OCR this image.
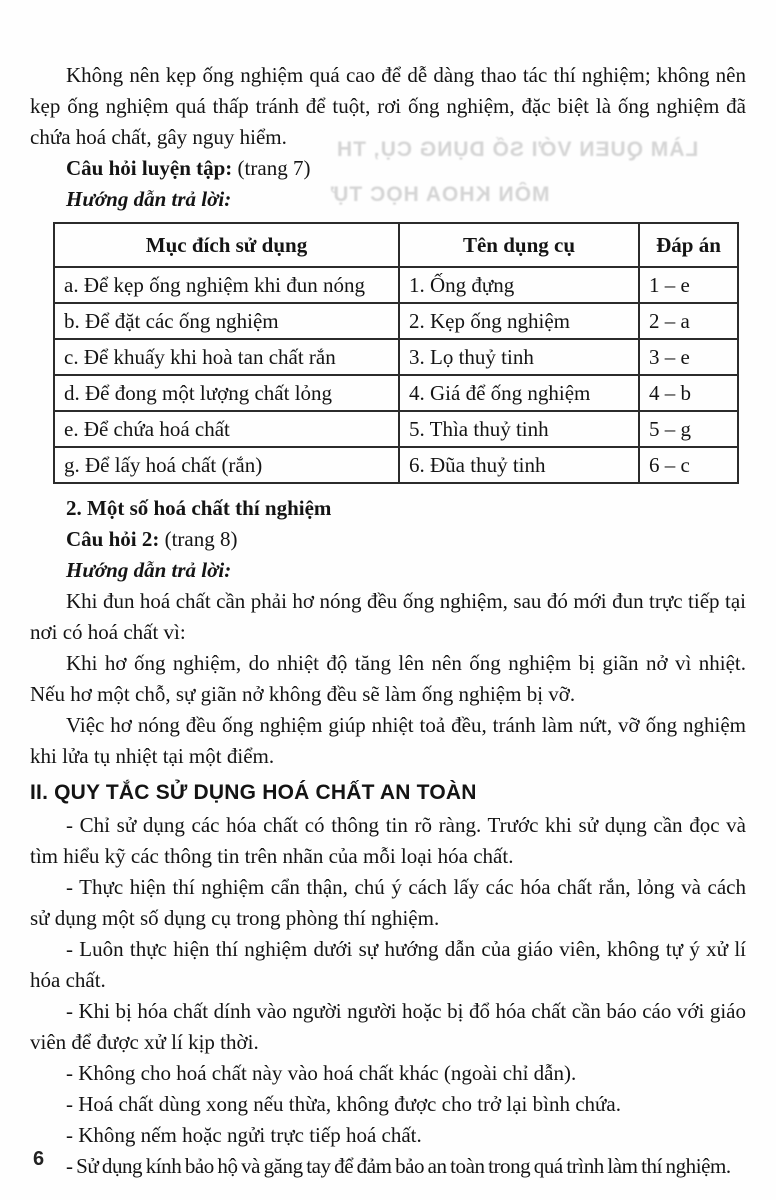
LÀM QUEN VỚI SỐ DỤNG CỤ, TH
MÔN KHOA HỌC TỰ

Không nên kẹp ống nghiệm quá cao để dễ dàng thao tác thí nghiệm; không nên kẹp ống nghiệm quá thấp tránh để tuột, rơi ống nghiệm, đặc biệt là ống nghiệm đã chứa hoá chất, gây nguy hiểm.

Câu hỏi luyện tập: (trang 7)

Hướng dẫn trả lời:

Mục đích sử dụng	Tên dụng cụ	Đáp án
a. Để kẹp ống nghiệm khi đun nóng	1. Ống đựng	1 – e
b. Để đặt các ống nghiệm	2. Kẹp ống nghiệm	2 – a
c. Để khuấy khi hoà tan chất rắn	3. Lọ thuỷ tinh	3 – e
d. Để đong một lượng chất lỏng	4. Giá để ống nghiệm	4 – b
e. Để chứa hoá chất	5. Thìa thuỷ tinh	5 – g
g. Để lấy hoá chất (rắn)	6. Đũa thuỷ tinh	6 – c

2. Một số hoá chất thí nghiệm

Câu hỏi 2: (trang 8)

Hướng dẫn trả lời:

Khi đun hoá chất cần phải hơ nóng đều ống nghiệm, sau đó mới đun trực tiếp tại nơi có hoá chất vì:

Khi hơ ống nghiệm, do nhiệt độ tăng lên nên ống nghiệm bị giãn nở vì nhiệt. Nếu hơ một chỗ, sự giãn nở không đều sẽ làm ống nghiệm bị vỡ.

Việc hơ nóng đều ống nghiệm giúp nhiệt toả đều, tránh làm nứt, vỡ ống nghiệm khi lửa tụ nhiệt tại một điểm.

II. QUY TẮC SỬ DỤNG HOÁ CHẤT AN TOÀN

- Chỉ sử dụng các hóa chất có thông tin rõ ràng. Trước khi sử dụng cần đọc và tìm hiểu kỹ các thông tin trên nhãn của mỗi loại hóa chất.

- Thực hiện thí nghiệm cẩn thận, chú ý cách lấy các hóa chất rắn, lỏng và cách sử dụng một số dụng cụ trong phòng thí nghiệm.

- Luôn thực hiện thí nghiệm dưới sự hướng dẫn của giáo viên, không tự ý xử lí hóa chất.

- Khi bị hóa chất dính vào người người hoặc bị đổ hóa chất cần báo cáo với giáo viên để được xử lí kịp thời.

- Không cho hoá chất này vào hoá chất khác (ngoài chỉ dẫn).

- Hoá chất dùng xong nếu thừa, không được cho trở lại bình chứa.

- Không nếm hoặc ngửi trực tiếp hoá chất.

- Sử dụng kính bảo hộ và găng tay để đảm bảo an toàn trong quá trình làm thí nghiệm.

6
